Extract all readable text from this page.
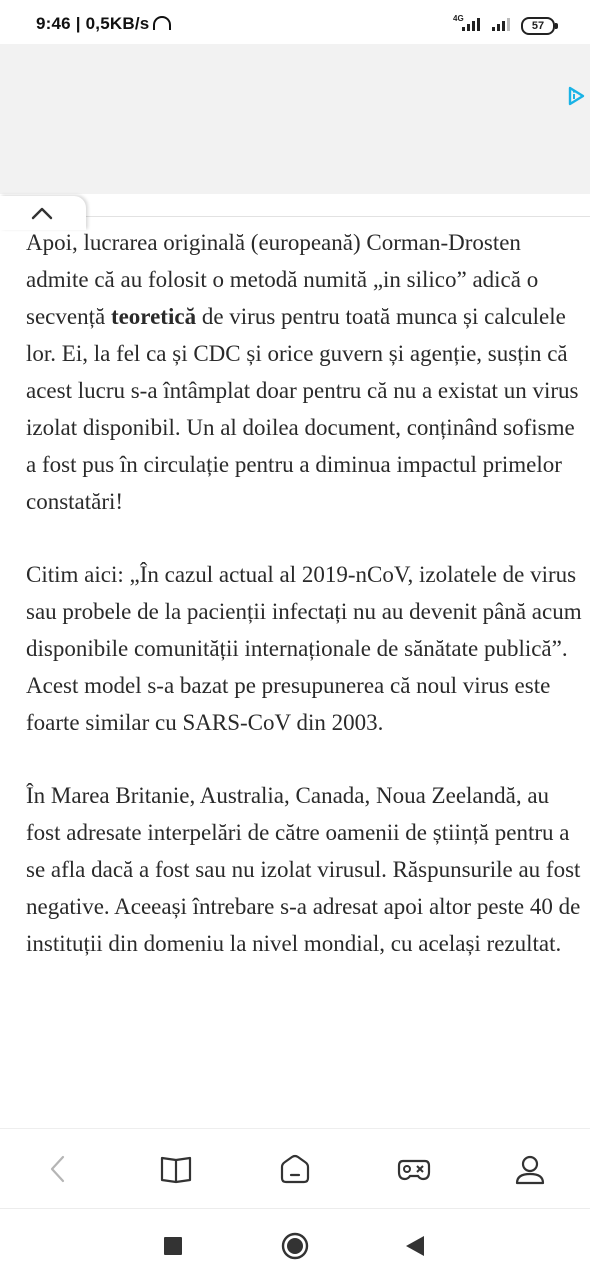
9:46 | 0,5KB/s	4G
57

Apoi, lucrarea originală (europeană) Corman-Drosten admite că au folosit o metodă numită „in silico” adică o secvență teoretică de virus pentru toată munca și calculele lor. Ei, la fel ca și CDC și orice guvern și agenție, susțin că acest lucru s-a întâmplat doar pentru că nu a existat un virus izolat disponibil. Un al doilea document, conținând sofisme a fost pus în circulație pentru a diminua impactul primelor constatări!

Citim aici: „În cazul actual al 2019-nCoV, izolatele de virus sau probele de la pacienții infectați nu au devenit până acum disponibile comunității internaționale de sănătate publică”. Acest model s-a bazat pe presupunerea că noul virus este foarte similar cu SARS-CoV din 2003.

În Marea Britanie, Australia, Canada, Noua Zeelandă, au fost adresate interpelări de către oamenii de știință pentru a se afla dacă a fost sau nu izolat virusul. Răspunsurile au fost negative. Aceeași întrebare s-a adresat apoi altor peste 40 de instituții din domeniu la nivel mondial, cu același rezultat.
